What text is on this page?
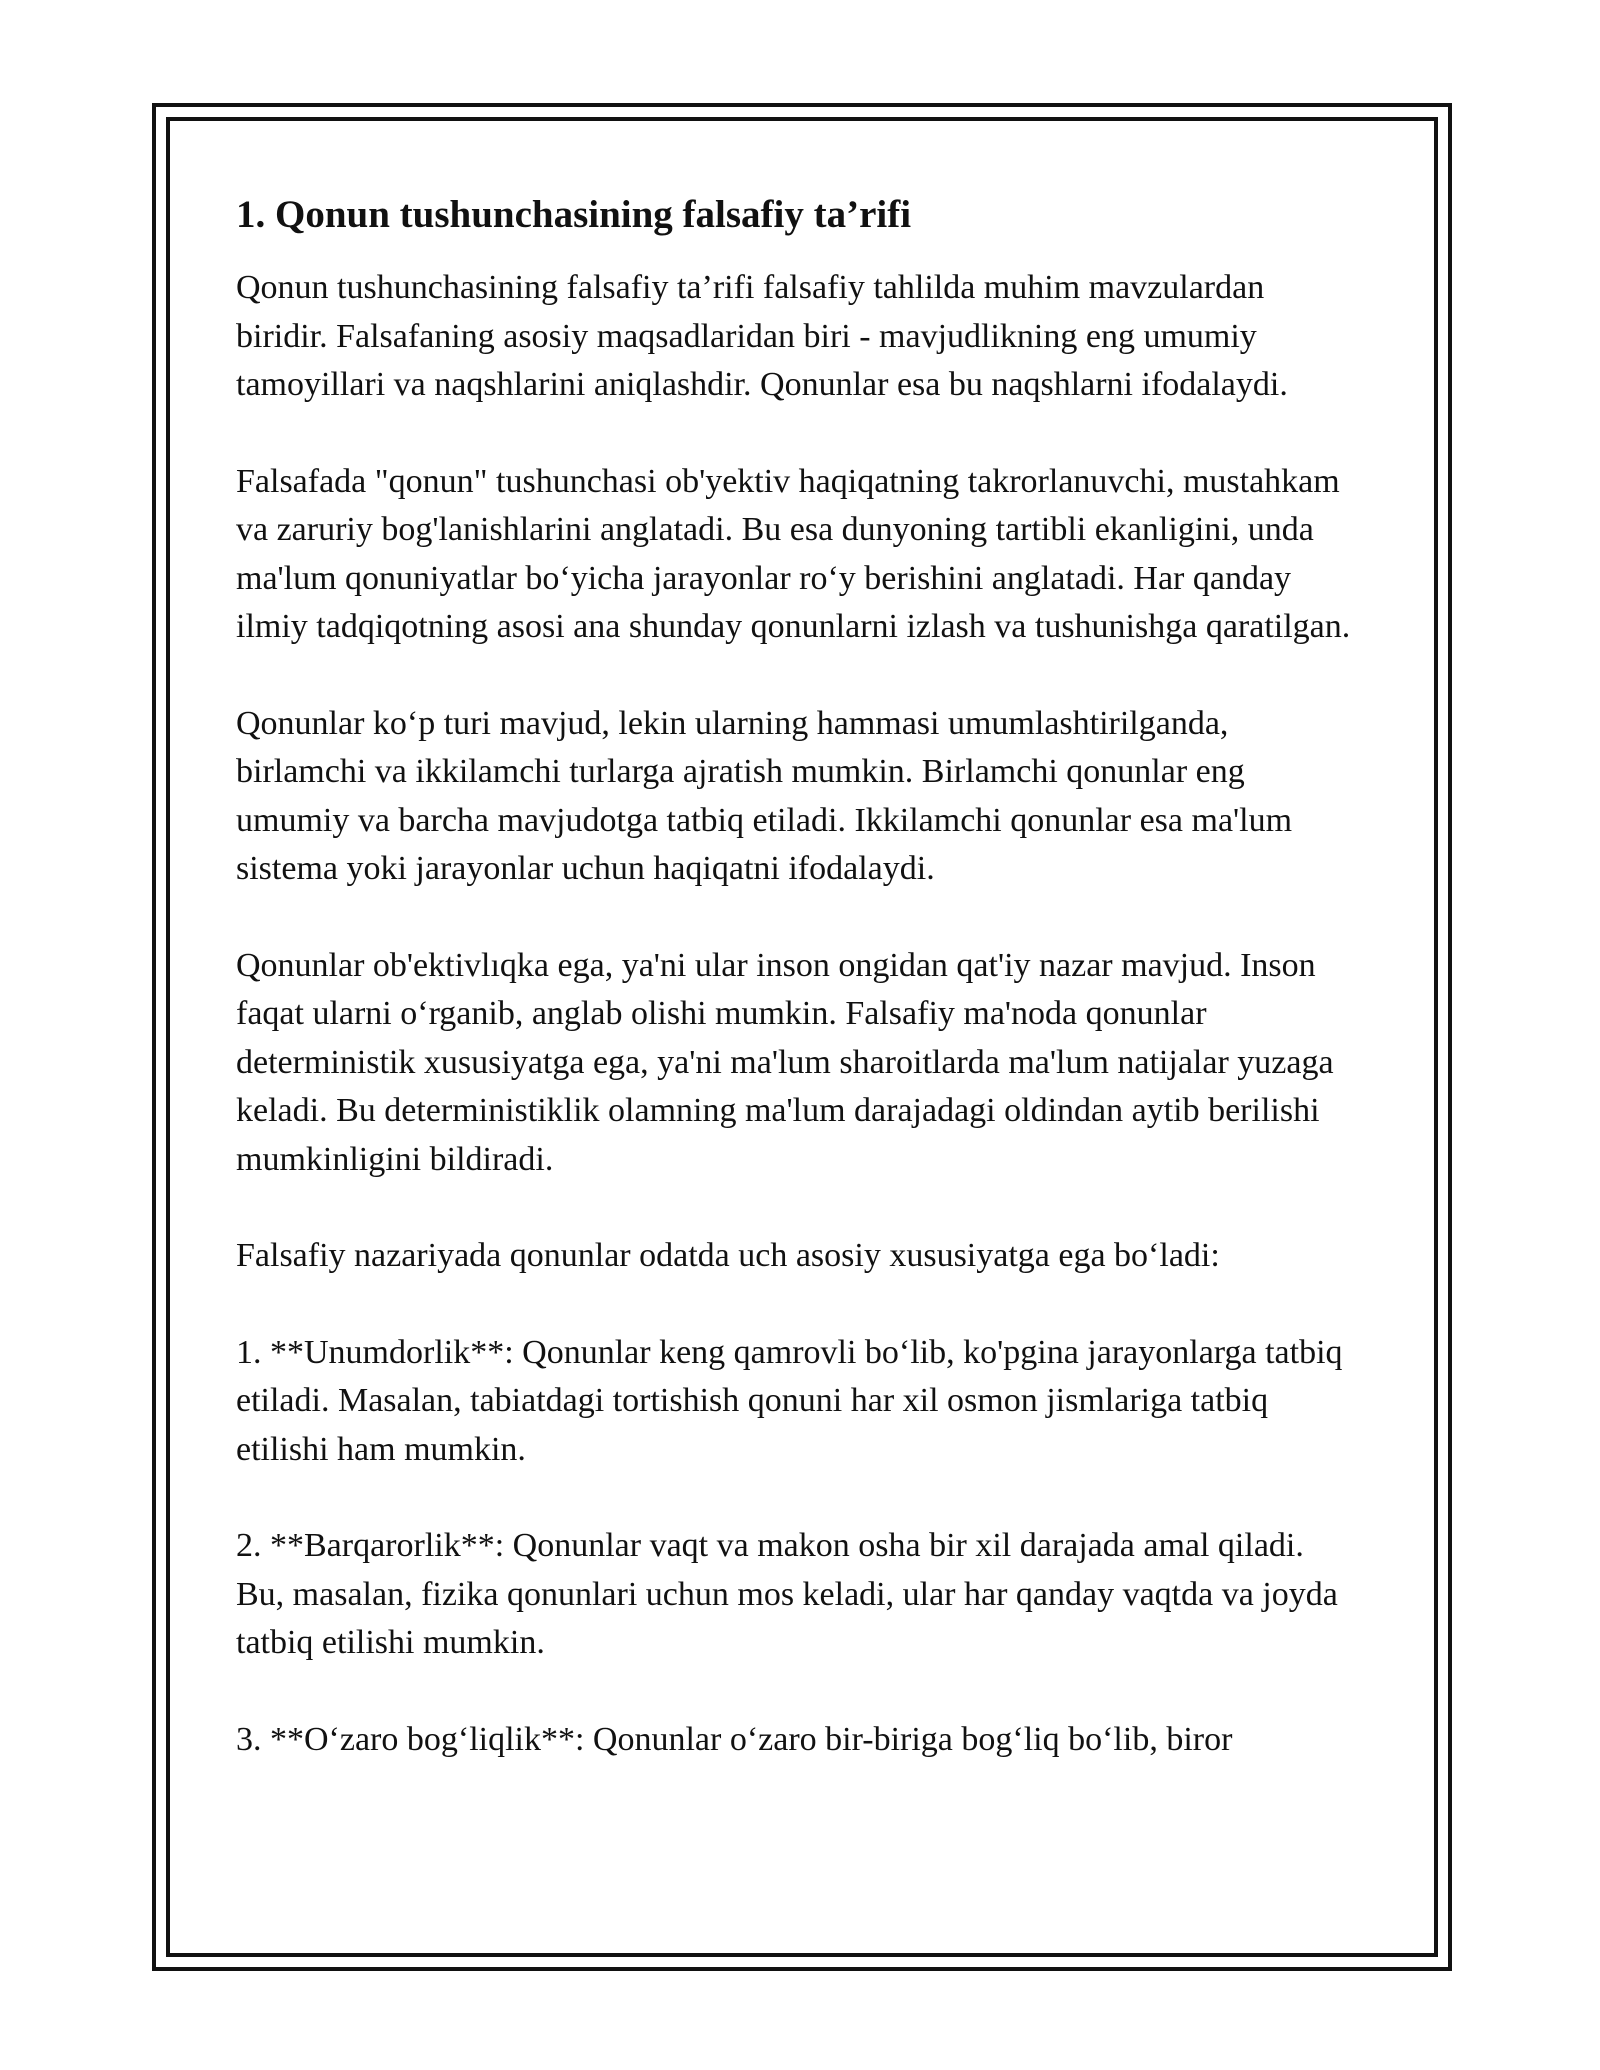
1. Qonun tushunchasining falsafiy ta’rifi

Qonun tushunchasining falsafiy ta’rifi falsafiy tahlilda muhim mavzulardan biridir. Falsafaning asosiy maqsadlaridan biri - mavjudlikning eng umumiy tamoyillari va naqshlarini aniqlashdir. Qonunlar esa bu naqshlarni ifodalaydi.

Falsafada "qonun" tushunchasi ob'yektiv haqiqatning takrorlanuvchi, mustahkam va zaruriy bog'lanishlarini anglatadi. Bu esa dunyoning tartibli ekanligini, unda ma'lum qonuniyatlar bo‘yicha jarayonlar ro‘y berishini anglatadi. Har qanday ilmiy tadqiqotning asosi ana shunday qonunlarni izlash va tushunishga qaratilgan.

Qonunlar ko‘p turi mavjud, lekin ularning hammasi umumlashtirilganda, birlamchi va ikkilamchi turlarga ajratish mumkin. Birlamchi qonunlar eng umumiy va barcha mavjudotga tatbiq etiladi. Ikkilamchi qonunlar esa ma'lum sistema yoki jarayonlar uchun haqiqatni ifodalaydi.

Qonunlar ob'ektivlıqka ega, ya'ni ular inson ongidan qat'iy nazar mavjud. Inson faqat ularni o‘rganib, anglab olishi mumkin. Falsafiy ma'noda qonunlar deterministik xususiyatga ega, ya'ni ma'lum sharoitlarda ma'lum natijalar yuzaga keladi. Bu deterministiklik olamning ma'lum darajadagi oldindan aytib berilishi mumkinligini bildiradi.

Falsafiy nazariyada qonunlar odatda uch asosiy xususiyatga ega bo‘ladi:

1. **Unumdorlik**: Qonunlar keng qamrovli bo‘lib, ko'pgina jarayonlarga tatbiq etiladi. Masalan, tabiatdagi tortishish qonuni har xil osmon jismlariga tatbiq etilishi ham mumkin.

2. **Barqarorlik**: Qonunlar vaqt va makon osha bir xil darajada amal qiladi. Bu, masalan, fizika qonunlari uchun mos keladi, ular har qanday vaqtda va joyda tatbiq etilishi mumkin.

3. **O‘zaro bog‘liqlik**: Qonunlar o‘zaro bir-biriga bog‘liq bo‘lib, biror
